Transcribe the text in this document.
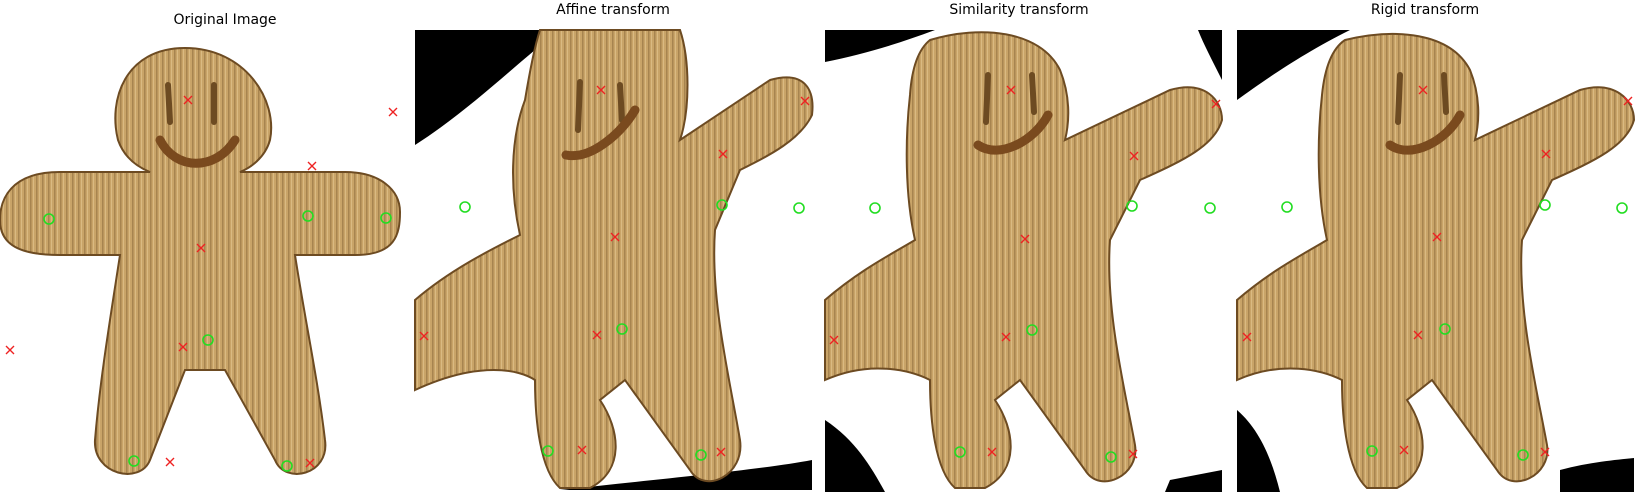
Original Image
Affine transform	Similarity transform	Rigid transform
